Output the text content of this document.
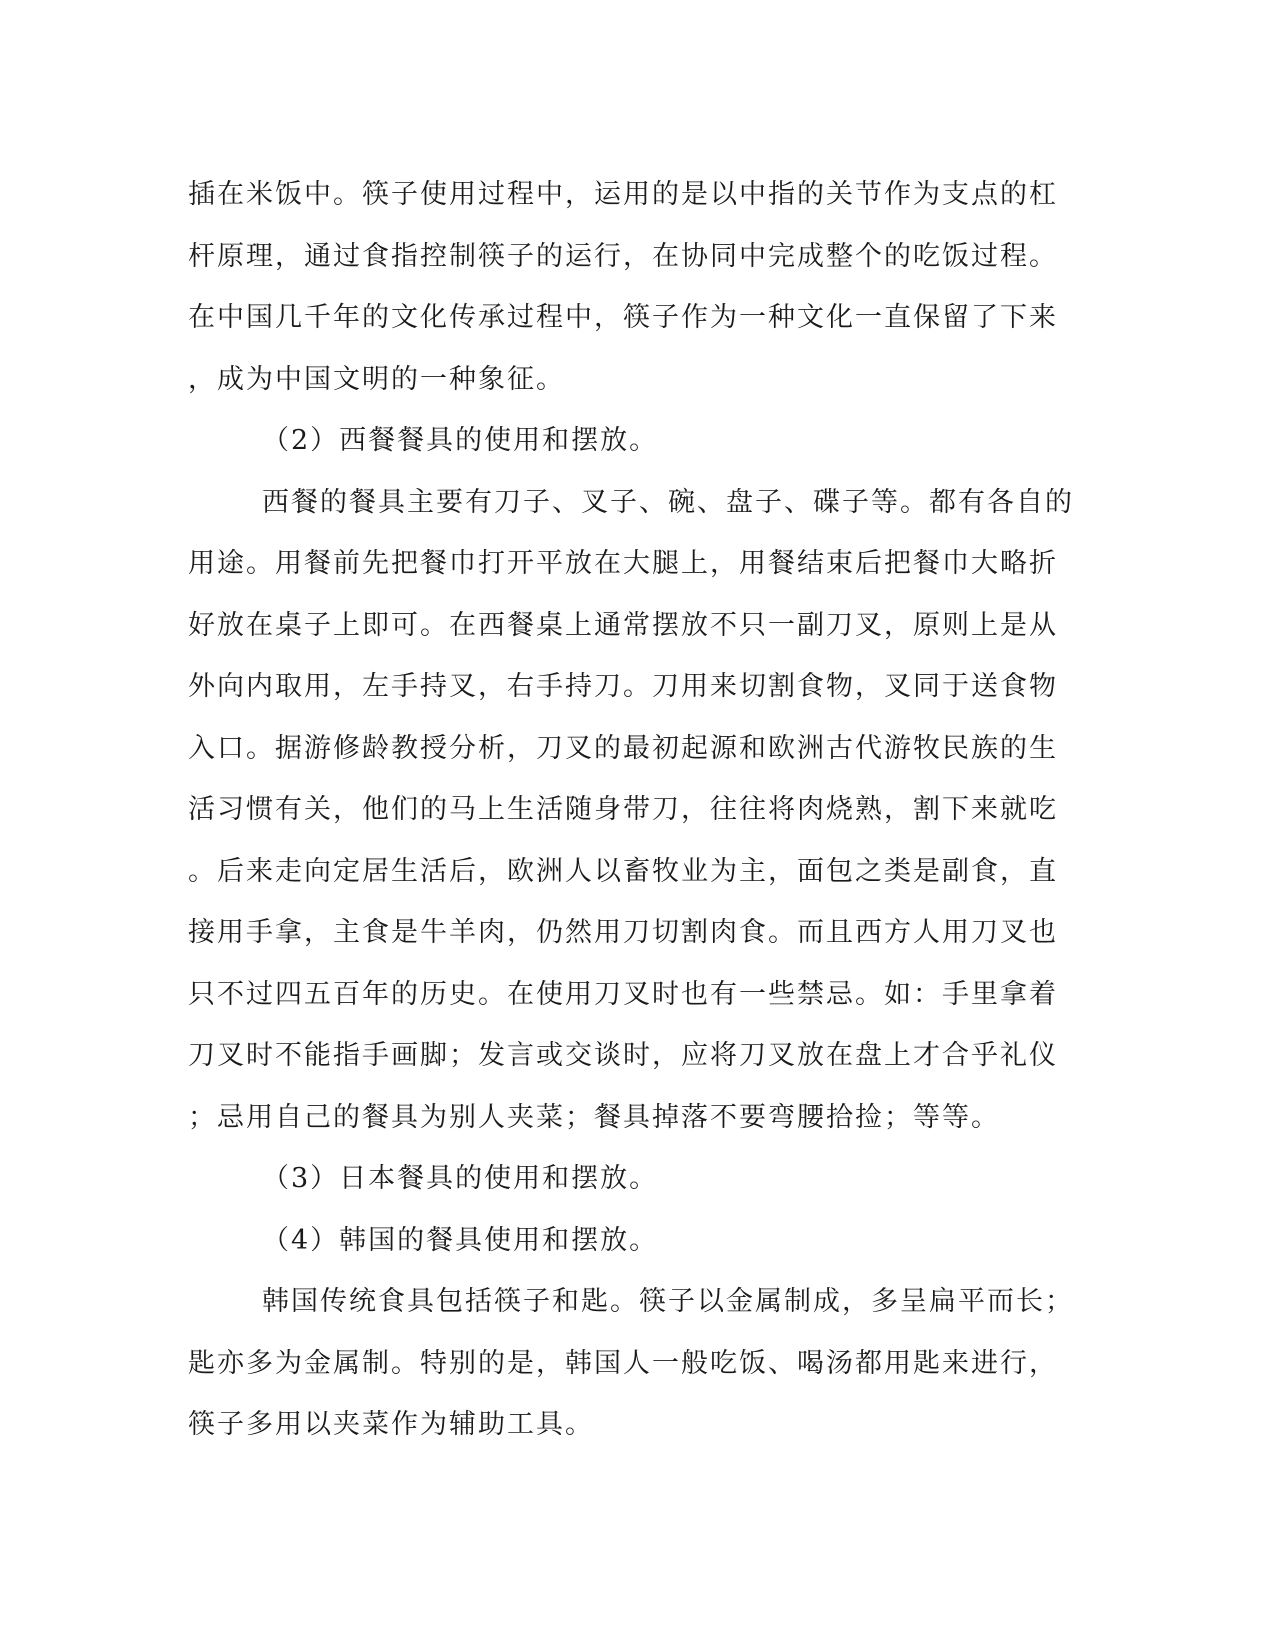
插在米饭中。筷子使用过程中，运用的是以中指的关节作为支点的杠
杆原理，通过食指控制筷子的运行，在协同中完成整个的吃饭过程。
在中国几千年的文化传承过程中，筷子作为一种文化一直保留了下来
，成为中国文明的一种象征。
（2）西餐餐具的使用和摆放。
西餐的餐具主要有刀子、叉子、碗、盘子、碟子等。都有各自的
用途。用餐前先把餐巾打开平放在大腿上，用餐结束后把餐巾大略折
好放在桌子上即可。在西餐桌上通常摆放不只一副刀叉，原则上是从
外向内取用，左手持叉，右手持刀。刀用来切割食物，叉同于送食物
入口。据游修龄教授分析，刀叉的最初起源和欧洲古代游牧民族的生
活习惯有关，他们的马上生活随身带刀，往往将肉烧熟，割下来就吃
。后来走向定居生活后，欧洲人以畜牧业为主，面包之类是副食，直
接用手拿，主食是牛羊肉，仍然用刀切割肉食。而且西方人用刀叉也
只不过四五百年的历史。在使用刀叉时也有一些禁忌。如：手里拿着
刀叉时不能指手画脚；发言或交谈时，应将刀叉放在盘上才合乎礼仪
；忌用自己的餐具为别人夹菜；餐具掉落不要弯腰拾捡；等等。
（3）日本餐具的使用和摆放。
（4）韩国的餐具使用和摆放。
韩国传统食具包括筷子和匙。筷子以金属制成，多呈扁平而长；
匙亦多为金属制。特别的是，韩国人一般吃饭、喝汤都用匙来进行，
筷子多用以夹菜作为辅助工具。
